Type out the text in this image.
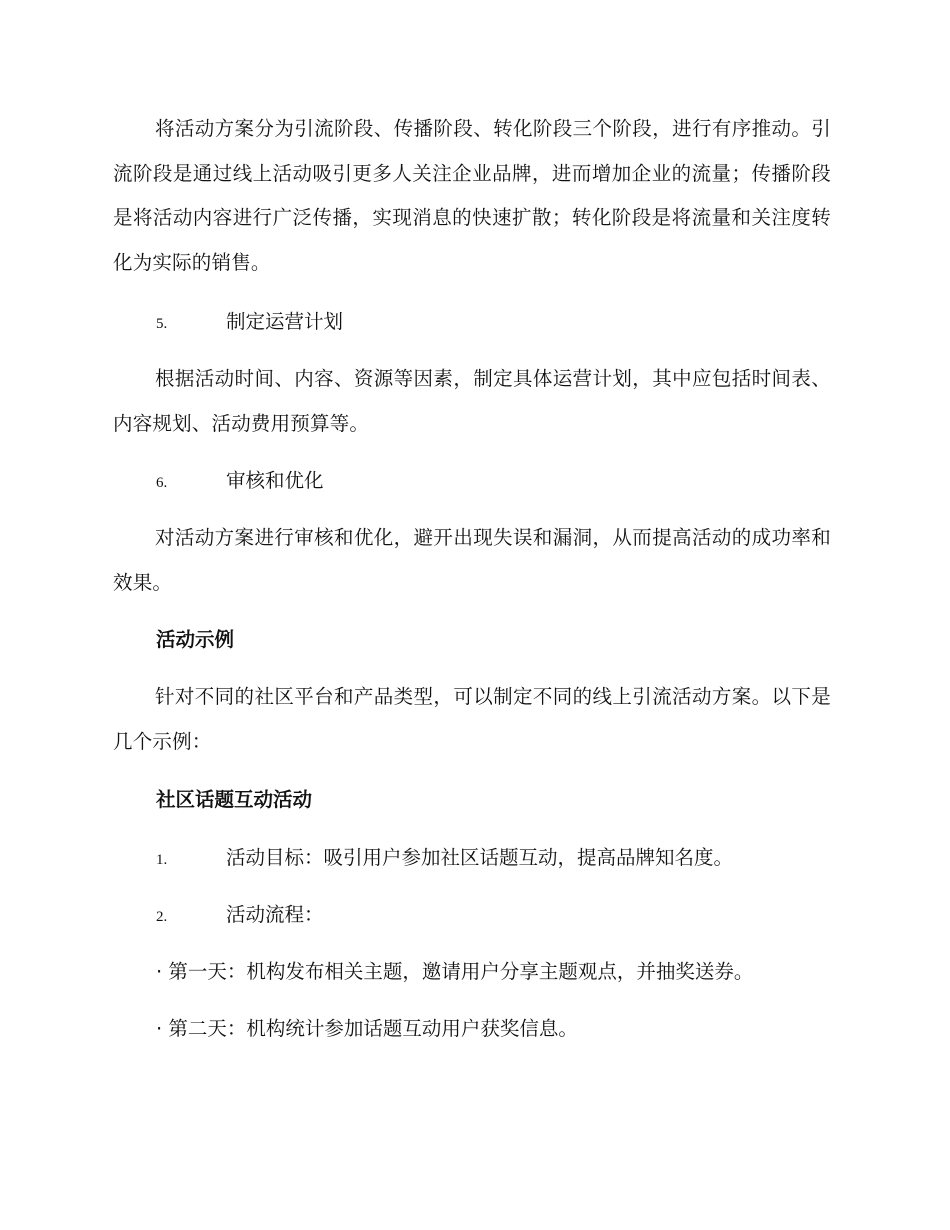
将活动方案分为引流阶段、传播阶段、转化阶段三个阶段，进行有序推动。引流阶段是通过线上活动吸引更多人关注企业品牌，进而增加企业的流量；传播阶段是将活动内容进行广泛传播，实现消息的快速扩散；转化阶段是将流量和关注度转化为实际的销售。

5.	制定运营计划

根据活动时间、内容、资源等因素，制定具体运营计划，其中应包括时间表、内容规划、活动费用预算等。

6.	审核和优化

对活动方案进行审核和优化，避开出现失误和漏洞，从而提高活动的成功率和效果。

活动示例

针对不同的社区平台和产品类型，可以制定不同的线上引流活动方案。以下是几个示例：

社区话题互动活动
1.	活动目标：吸引用户参加社区话题互动，提高品牌知名度。
2.	活动流程：

· 第一天：机构发布相关主题，邀请用户分享主题观点，并抽奖送券。

· 第二天：机构统计参加话题互动用户获奖信息。
